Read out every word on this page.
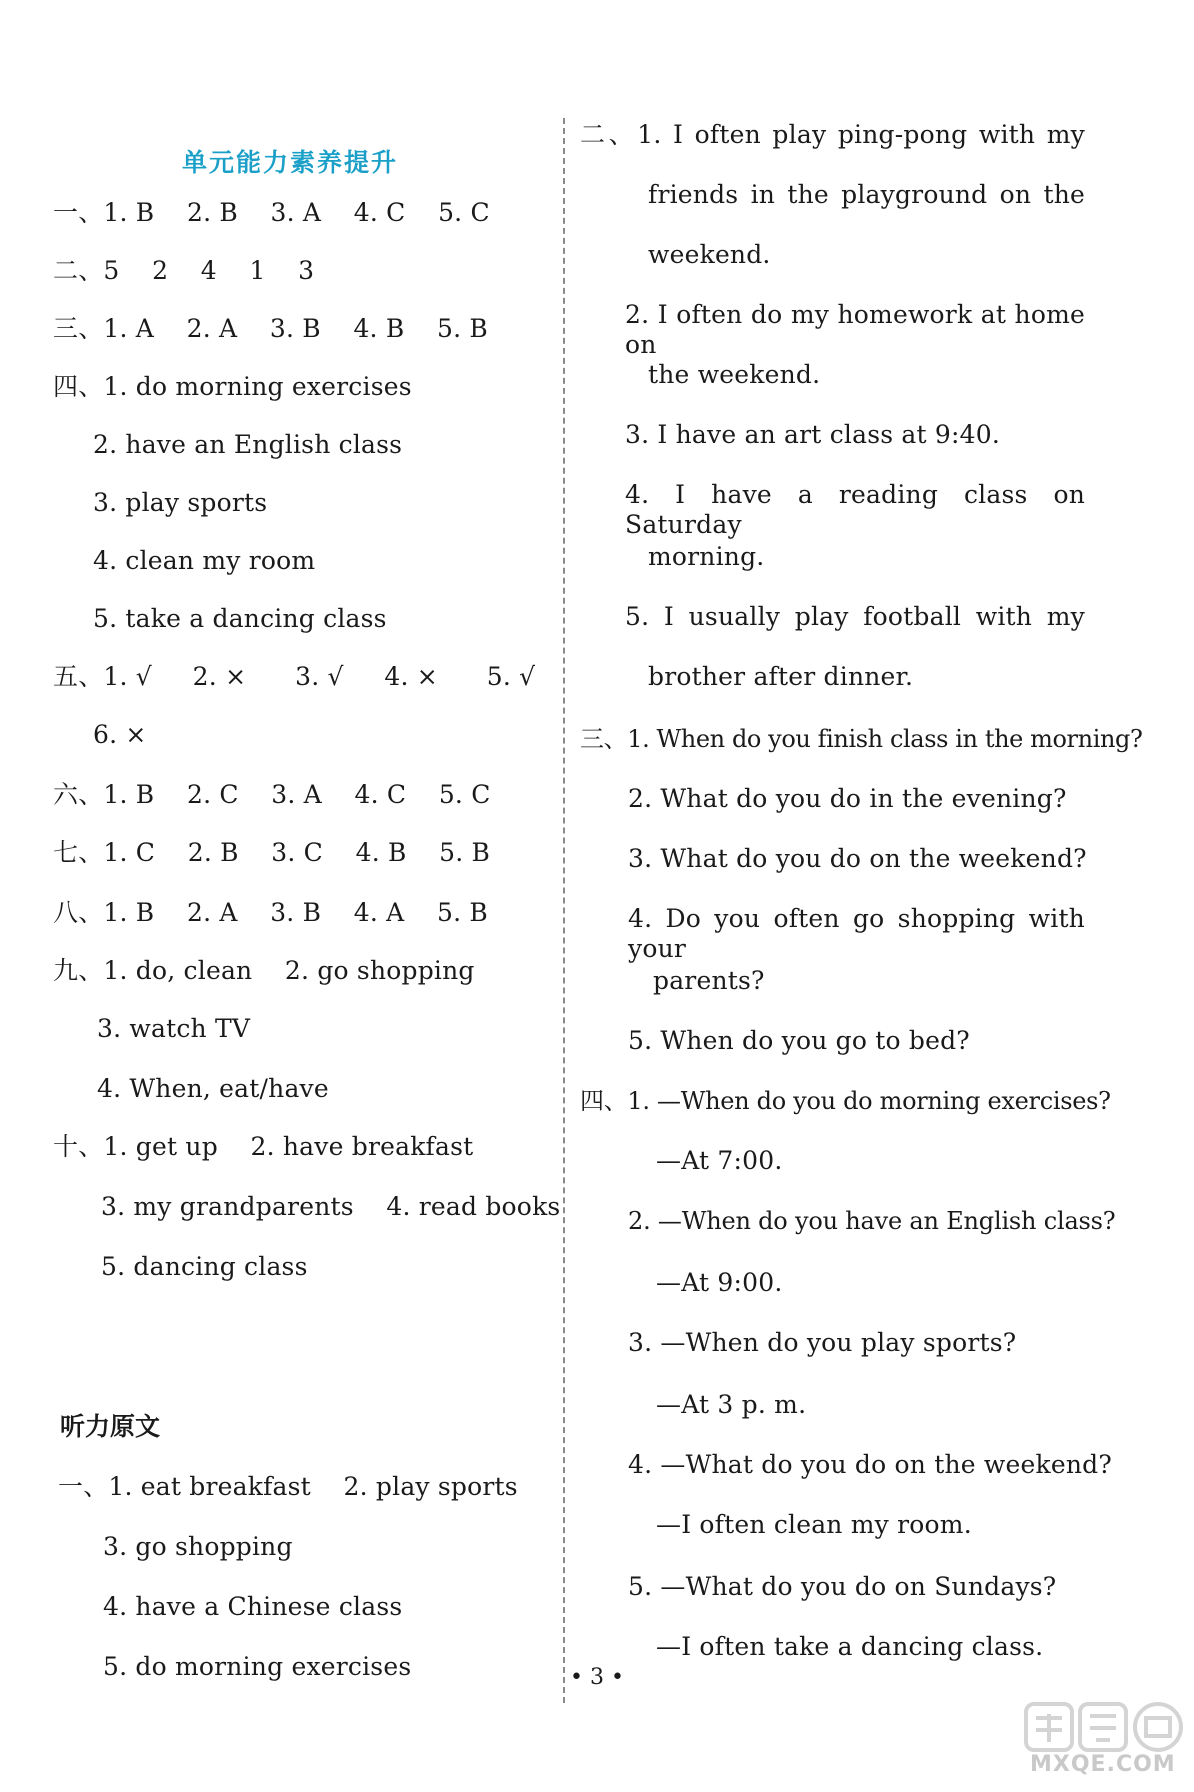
单元能力素养提升
一、1. B    2. B    3. A    4. C    5. C
二、5    2    4    1    3
三、1. A    2. A    3. B    4. B    5. B
四、1. do morning exercises
2. have an English class
3. play sports
4. clean my room
5. take a dancing class
五、1. √     2. ×      3. √     4. ×      5. √
6. ×
六、1. B    2. C    3. A    4. C    5. C
七、1. C    2. B    3. C    4. B    5. B
八、1. B    2. A    3. B    4. A    5. B
九、1. do, clean    2. go shopping
3. watch TV
4. When, eat/have
十、1. get up    2. have breakfast
3. my grandparents    4. read books
5. dancing class
听力原文
一、1. eat breakfast    2. play sports
3. go shopping
4. have a Chinese class
5. do morning exercises
二、1. I often play ping-pong with my
friends in the playground on the
weekend.
2. I often do my homework at home on
the weekend.
3. I have an art class at 9:40.
4. I have a reading class on Saturday
morning.
5. I usually play football with my
brother after dinner.
三、1. When do you finish class in the morning?
2. What do you do in the evening?
3. What do you do on the weekend?
4. Do you often go shopping with your
parents?
5. When do you go to bed?
四、1. —When do you do morning exercises?
—At 7:00.
2. —When do you have an English class?
—At 9:00.
3. —When do you play sports?
—At 3 p. m.
4. —What do you do on the weekend?
—I often clean my room.
5. —What do you do on Sundays?
—I often take a dancing class.
• 3 •
MXQE.COM
